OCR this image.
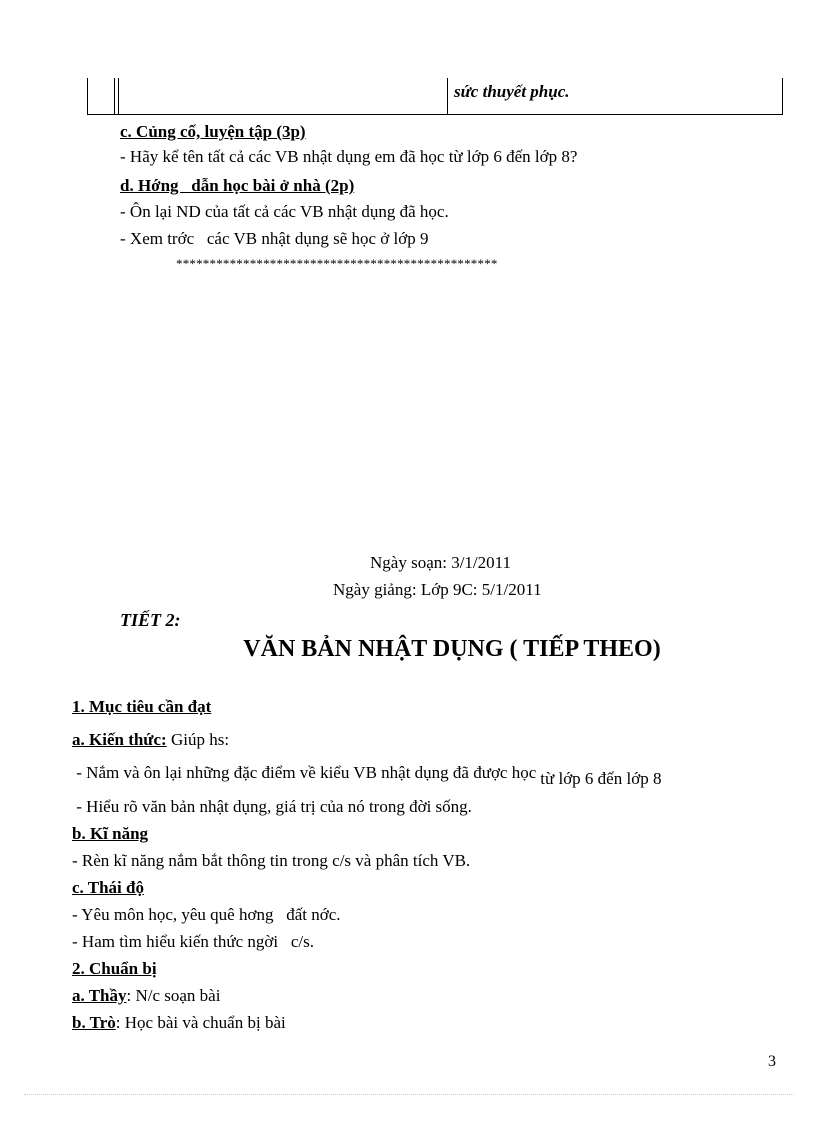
sức thuyết phục.
c. Củng cố, luyện tập (3p)
- Hãy kể tên tất cả các VB nhật dụng em đã học từ lớp 6 đến lớp 8?
d. Hớng   dẫn học bài ở nhà (2p)
- Ôn lại ND của tất cả các VB nhật dụng đã học.
- Xem trớc   các VB nhật dụng sẽ học ở lớp 9
************************************************
Ngày soạn: 3/1/2011
Ngày giảng: Lớp 9C: 5/1/2011
TIẾT 2:
VĂN BẢN NHẬT DỤNG ( TIẾP THEO)
1. Mục tiêu cần đạt
a. Kiến thức: Giúp hs:
- Nắm và ôn lại những đặc điểm về kiểu VB nhật dụng đã được học từ lớp 6 đến lớp 8
- Hiểu rõ văn bản nhật dụng, giá trị của nó trong đời sống.
b. Kĩ năng
- Rèn kĩ năng nắm bắt thông tin trong c/s và phân tích VB.
c. Thái độ
- Yêu môn học, yêu quê hơng   đất nớc.
- Ham tìm hiểu kiến thức ngời   c/s.
2. Chuẩn bị
a. Thầy: N/c soạn bài
b. Trò: Học bài và chuẩn bị bài
3
